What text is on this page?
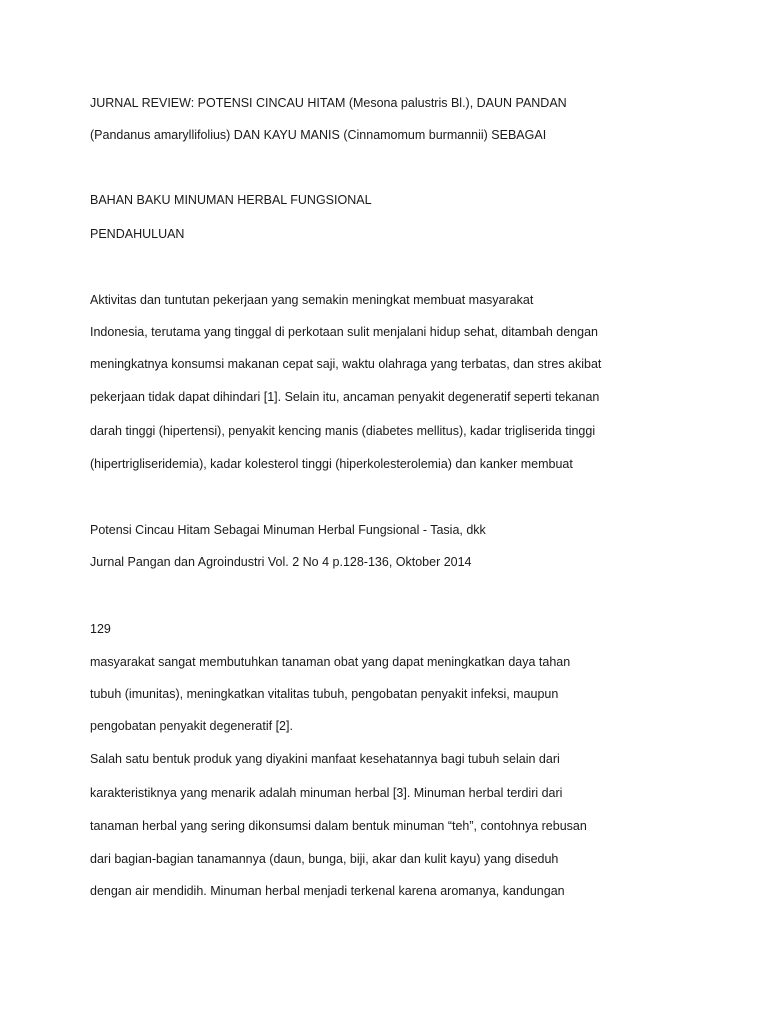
JURNAL REVIEW: POTENSI CINCAU HITAM (Mesona palustris Bl.), DAUN PANDAN
(Pandanus amaryllifolius) DAN KAYU MANIS (Cinnamomum burmannii) SEBAGAI
BAHAN BAKU MINUMAN HERBAL FUNGSIONAL
PENDAHULUAN
Aktivitas dan tuntutan pekerjaan yang semakin meningkat membuat masyarakat
Indonesia, terutama yang tinggal di perkotaan sulit menjalani hidup sehat, ditambah dengan
meningkatnya konsumsi makanan cepat saji, waktu olahraga yang terbatas, dan stres akibat
pekerjaan tidak dapat dihindari [1]. Selain itu, ancaman penyakit degeneratif seperti tekanan
darah tinggi (hipertensi), penyakit kencing manis (diabetes mellitus), kadar trigliserida tinggi
(hipertrigliseridemia), kadar kolesterol tinggi (hiperkolesterolemia) dan kanker membuat
Potensi Cincau Hitam Sebagai Minuman Herbal Fungsional - Tasia, dkk
Jurnal Pangan dan Agroindustri Vol. 2 No 4 p.128-136, Oktober 2014
129
masyarakat sangat membutuhkan tanaman obat yang dapat meningkatkan daya tahan
tubuh (imunitas), meningkatkan vitalitas tubuh, pengobatan penyakit infeksi, maupun
pengobatan penyakit degeneratif [2].
Salah satu bentuk produk yang diyakini manfaat kesehatannya bagi tubuh selain dari
karakteristiknya yang menarik adalah minuman herbal [3]. Minuman herbal terdiri dari
tanaman herbal yang sering dikonsumsi dalam bentuk minuman “teh”, contohnya rebusan
dari bagian-bagian tanamannya (daun, bunga, biji, akar dan kulit kayu) yang diseduh
dengan air mendidih. Minuman herbal menjadi terkenal karena aromanya, kandungan
